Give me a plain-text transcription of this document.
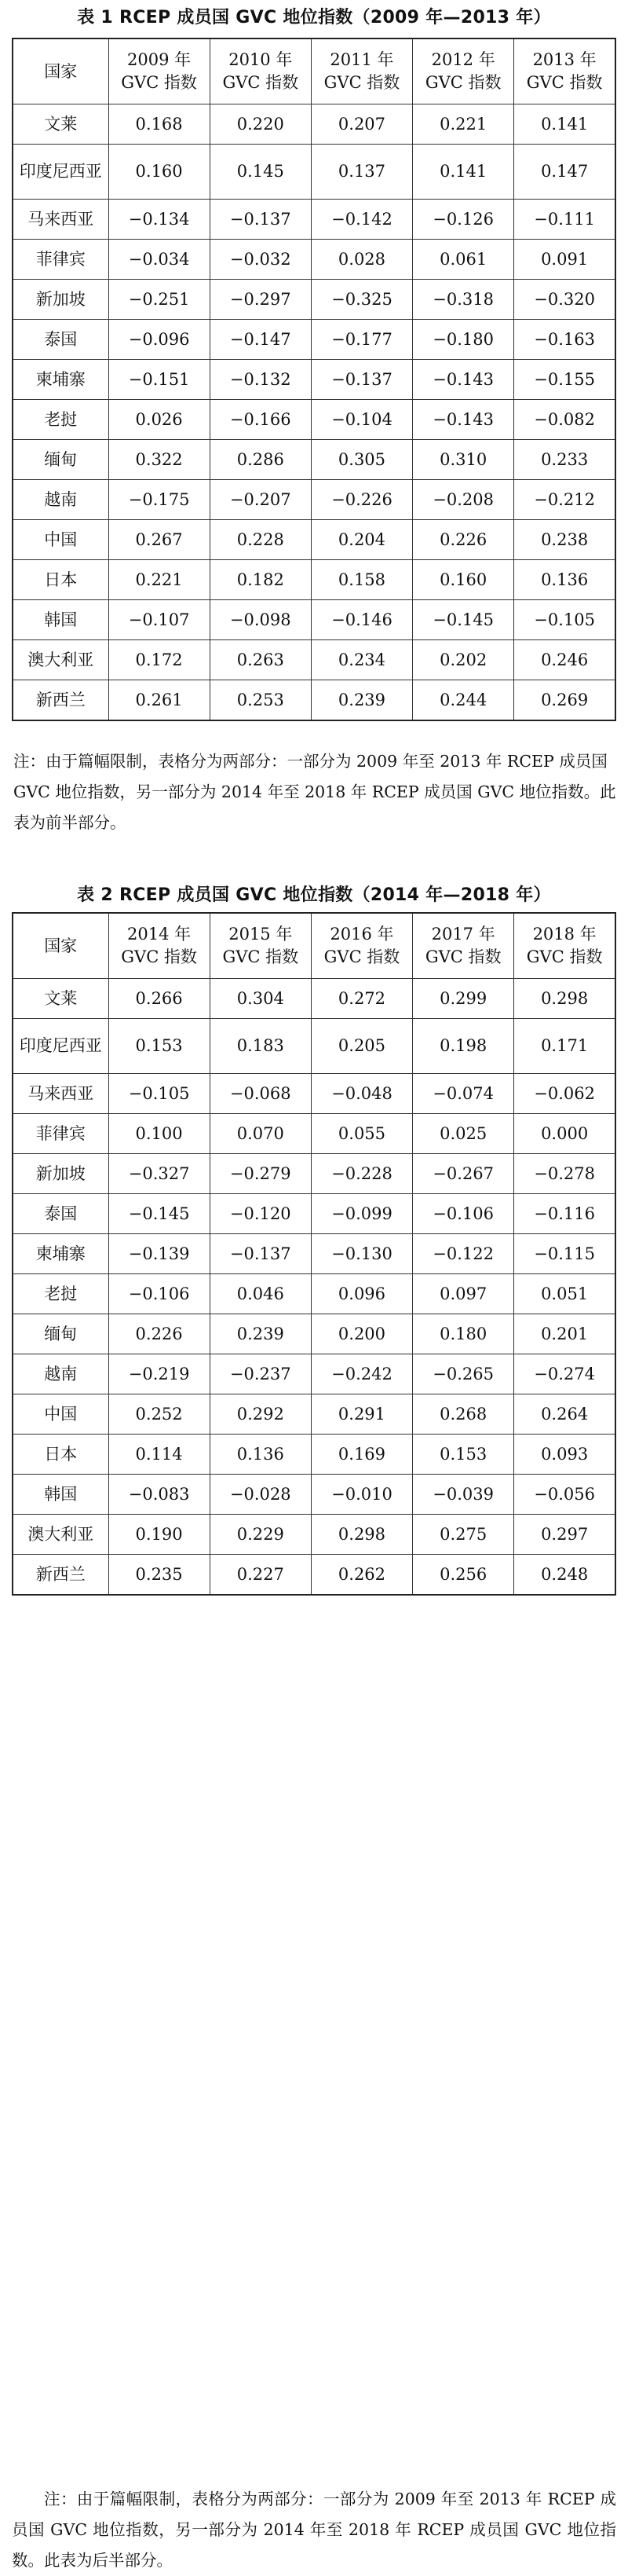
表 1 RCEP 成员国 GVC 地位指数（2009 年—2013 年）
国家	2009 年 GVC 指数	2010 年 GVC 指数	2011 年 GVC 指数	2012 年 GVC 指数	2013 年 GVC 指数
文莱	0.168	0.220	0.207	0.221	0.141
印度尼西亚	0.160	0.145	0.137	0.141	0.147
马来西亚	−0.134	−0.137	−0.142	−0.126	−0.111
菲律宾	−0.034	−0.032	0.028	0.061	0.091
新加坡	−0.251	−0.297	−0.325	−0.318	−0.320
泰国	−0.096	−0.147	−0.177	−0.180	−0.163
柬埔寨	−0.151	−0.132	−0.137	−0.143	−0.155
老挝	0.026	−0.166	−0.104	−0.143	−0.082
缅甸	0.322	0.286	0.305	0.310	0.233
越南	−0.175	−0.207	−0.226	−0.208	−0.212
中国	0.267	0.228	0.204	0.226	0.238
日本	0.221	0.182	0.158	0.160	0.136
韩国	−0.107	−0.098	−0.146	−0.145	−0.105
澳大利亚	0.172	0.263	0.234	0.202	0.246
新西兰	0.261	0.253	0.239	0.244	0.269
注：由于篇幅限制，表格分为两部分：一部分为 2009 年至 2013 年 RCEP 成员国 GVC 地位指数，另一部分为 2014 年至 2018 年 RCEP 成员国 GVC 地位指数。此表为前半部分。
表 2 RCEP 成员国 GVC 地位指数（2014 年—2018 年）
国家	2014 年 GVC 指数	2015 年 GVC 指数	2016 年 GVC 指数	2017 年 GVC 指数	2018 年 GVC 指数
文莱	0.266	0.304	0.272	0.299	0.298
印度尼西亚	0.153	0.183	0.205	0.198	0.171
马来西亚	−0.105	−0.068	−0.048	−0.074	−0.062
菲律宾	0.100	0.070	0.055	0.025	0.000
新加坡	−0.327	−0.279	−0.228	−0.267	−0.278
泰国	−0.145	−0.120	−0.099	−0.106	−0.116
柬埔寨	−0.139	−0.137	−0.130	−0.122	−0.115
老挝	−0.106	0.046	0.096	0.097	0.051
缅甸	0.226	0.239	0.200	0.180	0.201
越南	−0.219	−0.237	−0.242	−0.265	−0.274
中国	0.252	0.292	0.291	0.268	0.264
日本	0.114	0.136	0.169	0.153	0.093
韩国	−0.083	−0.028	−0.010	−0.039	−0.056
澳大利亚	0.190	0.229	0.298	0.275	0.297
新西兰	0.235	0.227	0.262	0.256	0.248
注：由于篇幅限制，表格分为两部分：一部分为 2009 年至 2013 年 RCEP 成员国 GVC 地位指数，另一部分为 2014 年至 2018 年 RCEP 成员国 GVC 地位指数。此表为后半部分。
